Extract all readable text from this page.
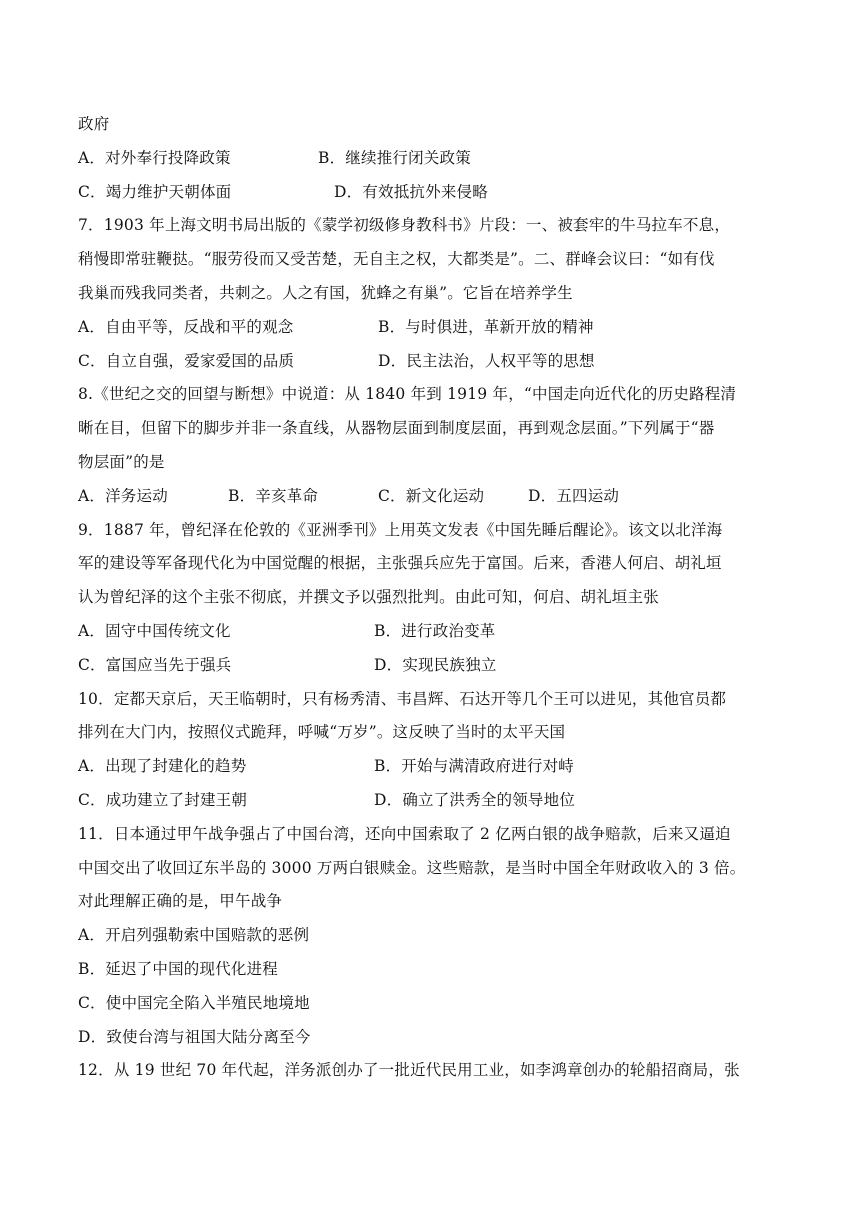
政府
A．对外奉行投降政策	B．继续推行闭关政策
C．竭力维护天朝体面	D．有效抵抗外来侵略
7．1903 年上海文明书局出版的《蒙学初级修身教科书》片段：一、被套牢的牛马拉车不息，
稍慢即常驻鞭挞。“服劳役而又受苦楚，无自主之权，大都类是”。二、群峰会议曰：“如有伐
我巢而残我同类者，共刺之。人之有国，犹蜂之有巢”。它旨在培养学生
A．自由平等，反战和平的观念	B．与时俱进，革新开放的精神
C．自立自强，爱家爱国的品质	D．民主法治，人权平等的思想
8.《世纪之交的回望与断想》中说道：从 1840 年到 1919 年，“中国走向近代化的历史路程清
晰在目，但留下的脚步并非一条直线，从器物层面到制度层面，再到观念层面。”下列属于“器
物层面”的是
A．洋务运动	B．辛亥革命	C．新文化运动	D．五四运动
9．1887 年，曾纪泽在伦敦的《亚洲季刊》上用英文发表《中国先睡后醒论》。该文以北洋海
军的建设等军备现代化为中国觉醒的根据，主张强兵应先于富国。后来，香港人何启、胡礼垣
认为曾纪泽的这个主张不彻底，并撰文予以强烈批判。由此可知，何启、胡礼垣主张
A．固守中国传统文化	B．进行政治变革
C．富国应当先于强兵	D．实现民族独立
10．定都天京后，天王临朝时，只有杨秀清、韦昌辉、石达开等几个王可以进见，其他官员都
排列在大门内，按照仪式跪拜，呼喊“万岁”。这反映了当时的太平天国
A．出现了封建化的趋势	B．开始与满清政府进行对峙
C．成功建立了封建王朝	D．确立了洪秀全的领导地位
11．日本通过甲午战争强占了中国台湾，还向中国索取了 2 亿两白银的战争赔款，后来又逼迫
中国交出了收回辽东半岛的 3000 万两白银赎金。这些赔款，是当时中国全年财政收入的 3 倍。
对此理解正确的是，甲午战争
A．开启列强勒索中国赔款的恶例
B．延迟了中国的现代化进程
C．使中国完全陷入半殖民地境地
D．致使台湾与祖国大陆分离至今
12．从 19 世纪 70 年代起，洋务派创办了一批近代民用工业，如李鸿章创办的轮船招商局，张
